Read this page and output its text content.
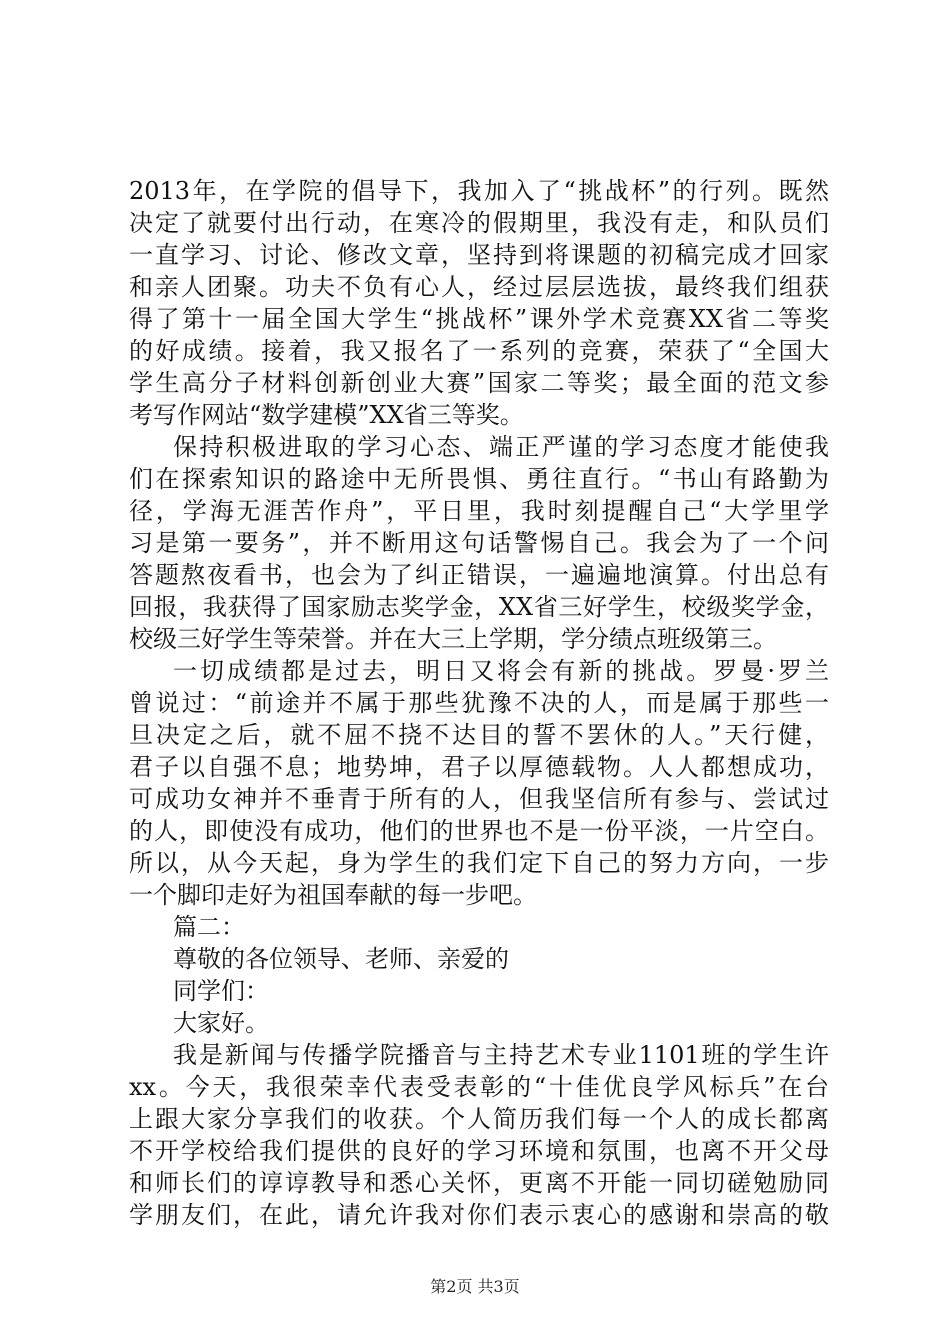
2013年，在学院的倡导下，我加入了“挑战杯”的行列。既然
决定了就要付出行动，在寒冷的假期里，我没有走，和队员们
一直学习、讨论、修改文章，坚持到将课题的初稿完成才回家
和亲人团聚。功夫不负有心人，经过层层选拔，最终我们组获
得了第十一届全国大学生“挑战杯”课外学术竞赛XX省二等奖
的好成绩。接着，我又报名了一系列的竞赛，荣获了“全国大
学生高分子材料创新创业大赛”国家二等奖；最全面的范文参
考写作网站“数学建模”XX省三等奖。
保持积极进取的学习心态、端正严谨的学习态度才能使我
们在探索知识的路途中无所畏惧、勇往直行。“书山有路勤为
径，学海无涯苦作舟”，平日里，我时刻提醒自己“大学里学
习是第一要务”，并不断用这句话警惕自己。我会为了一个问
答题熬夜看书，也会为了纠正错误，一遍遍地演算。付出总有
回报，我获得了国家励志奖学金，XX省三好学生，校级奖学金，
校级三好学生等荣誉。并在大三上学期，学分绩点班级第三。
一切成绩都是过去，明日又将会有新的挑战。罗曼·罗兰
曾说过：“前途并不属于那些犹豫不决的人，而是属于那些一
旦决定之后，就不屈不挠不达目的誓不罢休的人。”天行健，
君子以自强不息；地势坤，君子以厚德载物。人人都想成功，
可成功女神并不垂青于所有的人，但我坚信所有参与、尝试过
的人，即使没有成功，他们的世界也不是一份平淡，一片空白。
所以，从今天起，身为学生的我们定下自己的努力方向，一步
一个脚印走好为祖国奉献的每一步吧。
篇二：
尊敬的各位领导、老师、亲爱的
同学们：
大家好。
我是新闻与传播学院播音与主持艺术专业1101班的学生许
xx。今天，我很荣幸代表受表彰的“十佳优良学风标兵”在台
上跟大家分享我们的收获。个人简历我们每一个人的成长都离
不开学校给我们提供的良好的学习环境和氛围，也离不开父母
和师长们的谆谆教导和悉心关怀，更离不开能一同切磋勉励同
学朋友们，在此，请允许我对你们表示衷心的感谢和崇高的敬
第2页 共3页
